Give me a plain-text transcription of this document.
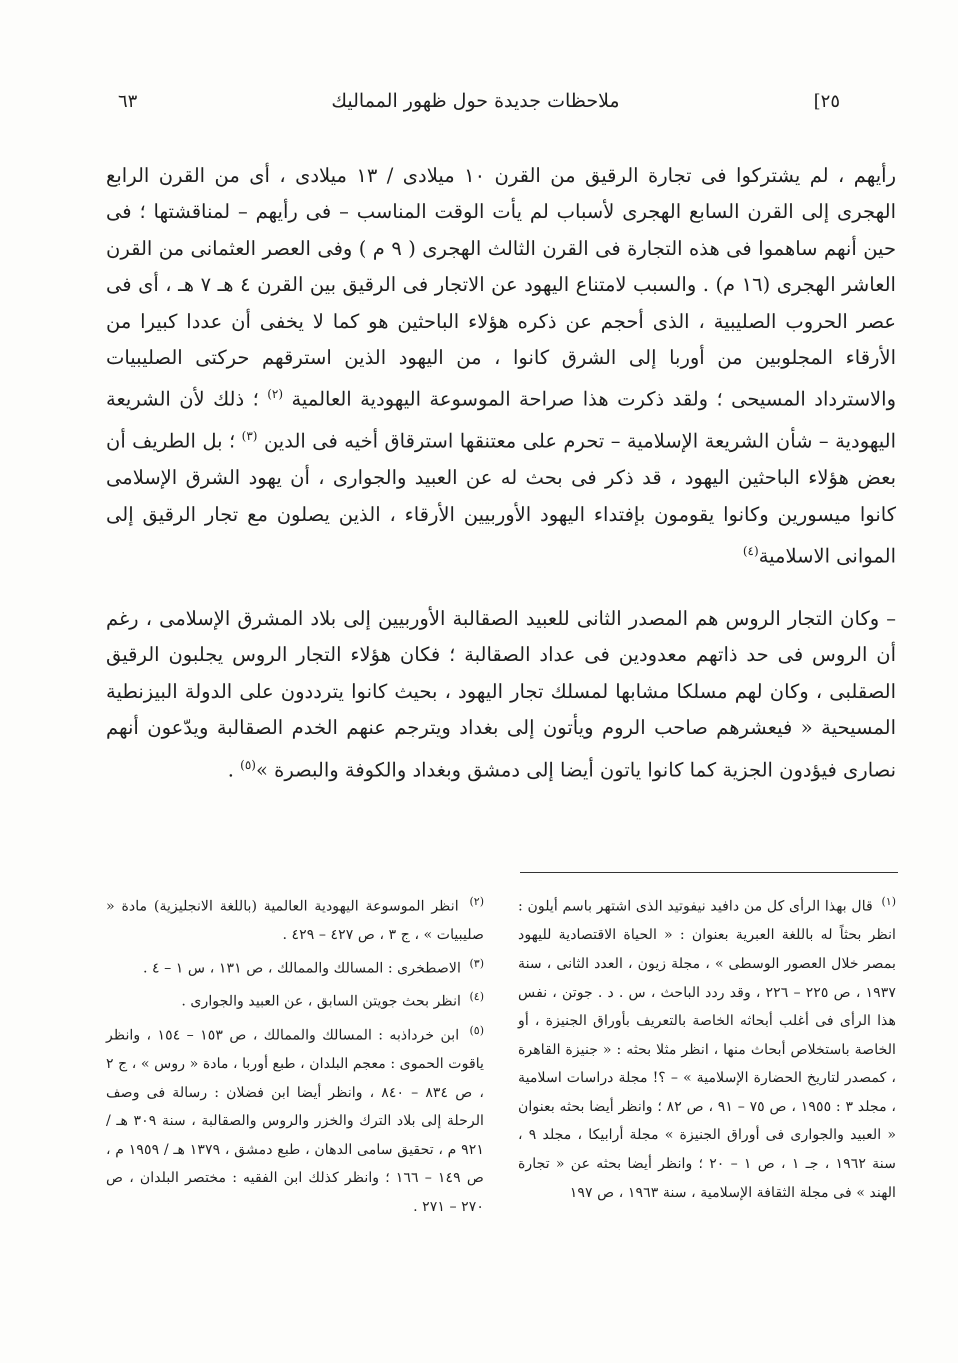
٦٣	ملاحظات جديدة حول ظهور المماليك	[٢٥

رأيهم ، لم يشتركوا فى تجارة الرقيق من القرن ١٠ ميلادى / ١٣ ميلادى ، أى من القرن الرابع الهجرى إلى القرن السابع الهجرى لأسباب لم يأت الوقت المناسب – فى رأيهم – لمناقشتها ؛ فى حين أنهم ساهموا فى هذه التجارة فى القرن الثالث الهجرى ( ٩ م ) وفى العصر العثمانى من القرن العاشر الهجرى (١٦ م) . والسبب لامتناع اليهود عن الاتجار فى الرقيق بين القرن ٤ هـ ٧ هـ ، أى فى عصر الحروب الصليبية ، الذى أحجم عن ذكره هؤلاء الباحثين هو كما لا يخفى أن عددا كبيرا من الأرقاء المجلوبين من أوربا إلى الشرق كانوا ، من اليهود الذين استرقهم حركتى الصليبيات والاسترداد المسيحى ؛ ولقد ذكرت هذا صراحة الموسوعة اليهودية العالمية $^{(٢)}$ ؛ ذلك لأن الشريعة اليهودية – شأن الشريعة الإسلامية – تحرم على معتنقها استرقاق أخيه فى الدين $^{(٣)}$ ؛ بل الطريف أن بعض هؤلاء الباحثين اليهود ، قد ذكر فى بحث له عن العبيد والجوارى ، أن يهود الشرق الإسلامى كانوا ميسورين وكانوا يقومون بإفتداء اليهود الأوربيين الأرقاء ، الذين يصلون مع تجار الرقيق إلى الموانى الاسلامية$^{(٤)}$

– وكان التجار الروس هم المصدر الثانى للعبيد الصقالبة الأوربيين إلى بلاد المشرق الإسلامى ، رغم أن الروس فى حد ذاتهم معدودين فى عداد الصقالبة ؛ فكان هؤلاء التجار الروس يجلبون الرقيق الصقلبى ، وكان لهم مسلكا مشابها لمسلك تجار اليهود ، بحيث كانوا يترددون على الدولة البيزنطية المسيحية « فيعشرهم صاحب الروم ويأتون إلى بغداد ويترجم عنهم الخدم الصقالبة ويدّعون أنهم نصارى فيؤدون الجزية كما كانوا ياتون أيضا إلى دمشق وبغداد والكوفة والبصرة »$^{(٥)}$ .

$^{(١)}$ قال بهذا الرأى كل من دافيد نيفوتيد الذى اشتهر باسم أيلون : انظر بحثاً له باللغة العبرية بعنوان : « الحياة الاقتصادية لليهود بمصر خلال العصور الوسطى » ، مجلة زيون ، العدد الثانى ، سنة ١٩٣٧ ، ص ٢٢٥ – ٢٢٦ ، وقد ردد الباحث ، س . د . جوتن ، نفس هذا الرأى فى أغلب أبحاثه الخاصة بالتعريف بأوراق الجنيزة ، أو الخاصة باستخلاص أبحاث منها ، انظر مثلا بحثه : « جنيزة القاهرة ، كمصدر لتاريخ الحضارة الإسلامية » – ؟! مجلة دراسات اسلامية ، مجلد ٣ : ١٩٥٥ ، ص ٧٥ – ٩١ ، ص ٨٢ ؛ وانظر أيضا بحثه بعنوان « العبيد والجوارى فى أوراق الجنيزة » مجلة أرابيكا ، مجلد ٩ ، سنة ١٩٦٢ ، جـ ١ ، ص ١ – ٢٠ ؛ وانظر أيضا بحثه عن « تجارة الهند » فى مجلة الثقافة الإسلامية ، سنة ١٩٦٣ ، ص ١٩٧

$^{(٢)}$ انظر الموسوعة اليهودية العالمية (باللغة الانجليزية) مادة « صليبيات » ، ج ٣ ، ص ٤٢٧ – ٤٢٩ .

$^{(٣)}$ الاصطخرى : المسالك والممالك ، ص ١٣١ ، س ١ – ٤ .

$^{(٤)}$ انظر بحث جويتن السابق ، عن العبيد والجوارى .

$^{(٥)}$ ابن خرداذبه : المسالك والممالك ، ص ١٥٣ – ١٥٤ ، وانظر ياقوت الحموى : معجم البلدان ، طبع أوربا ، مادة « روس » ، ج ٢ ، ص ٨٣٤ – ٨٤٠ ، وانظر أيضا ابن فضلان : رسالة فى وصف الرحلة إلى بلاد الترك والخزر والروس والصقالبة ، سنة ٣٠٩ هـ / ٩٢١ م ، تحقيق سامى الدهان ، طبع دمشق ، ١٣٧٩ هـ / ١٩٥٩ م ، ص ١٤٩ – ١٦٦ ؛ وانظر كذلك ابن الفقيه : مختصر البلدان ، ص ٢٧٠ – ٢٧١ .
